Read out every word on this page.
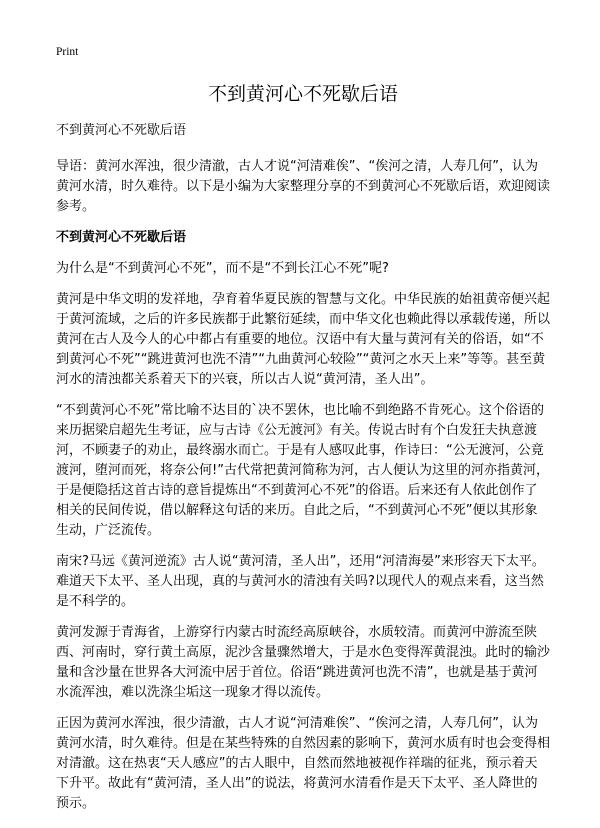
Print
不到黄河心不死歇后语

不到黄河心不死歇后语

导语：黄河水浑浊，很少清澈，古人才说“河清难俟”、“俟河之清，人寿几何”，认为黄河水清，时久难待。以下是小编为大家整理分享的不到黄河心不死歇后语，欢迎阅读参考。

不到黄河心不死歇后语

为什么是“不到黄河心不死”，而不是“不到长江心不死”呢?

黄河是中华文明的发祥地，孕育着华夏民族的智慧与文化。中华民族的始祖黄帝便兴起于黄河流域，之后的许多民族都于此繁衍延续，而中华文化也赖此得以承载传递，所以黄河在古人及今人的心中都占有重要的地位。汉语中有大量与黄河有关的俗语，如“不到黄河心不死”“跳进黄河也洗不清”“九曲黄河心较险”“黄河之水天上来”等等。甚至黄河水的清浊都关系着天下的兴衰，所以古人说“黄河清，圣人出”。

“不到黄河心不死”常比喻不达目的`决不罢休，也比喻不到绝路不肯死心。这个俗语的来历据梁启超先生考证，应与古诗《公无渡河》有关。传说古时有个白发狂夫执意渡河，不顾妻子的劝止，最终溺水而亡。于是有人感叹此事，作诗曰：“公无渡河，公竟渡河，堕河而死，将奈公何!”古代常把黄河简称为河，古人便认为这里的河亦指黄河，于是便隐括这首古诗的意旨提炼出“不到黄河心不死”的俗语。后来还有人依此创作了相关的民间传说，借以解释这句话的来历。自此之后，“不到黄河心不死”便以其形象生动，广泛流传。

南宋?马远《黄河逆流》古人说“黄河清，圣人出”，还用“河清海晏”来形容天下太平。难道天下太平、圣人出现，真的与黄河水的清浊有关吗?以现代人的观点来看，这当然是不科学的。

黄河发源于青海省，上游穿行内蒙古时流经高原峡谷，水质较清。而黄河中游流至陕西、河南时，穿行黄土高原，泥沙含量骤然增大，于是水色变得浑黄混浊。此时的输沙量和含沙量在世界各大河流中居于首位。俗语“跳进黄河也洗不清”，也就是基于黄河水流浑浊，难以洗涤尘垢这一现象才得以流传。

正因为黄河水浑浊，很少清澈，古人才说“河清难俟”、“俟河之清，人寿几何”，认为黄河水清，时久难待。但是在某些特殊的自然因素的影响下，黄河水质有时也会变得相对清澈。这在热衷“天人感应”的古人眼中，自然而然地被视作祥瑞的征兆，预示着天下升平。故此有“黄河清，圣人出”的说法，将黄河水清看作是天下太平、圣人降世的预示。
